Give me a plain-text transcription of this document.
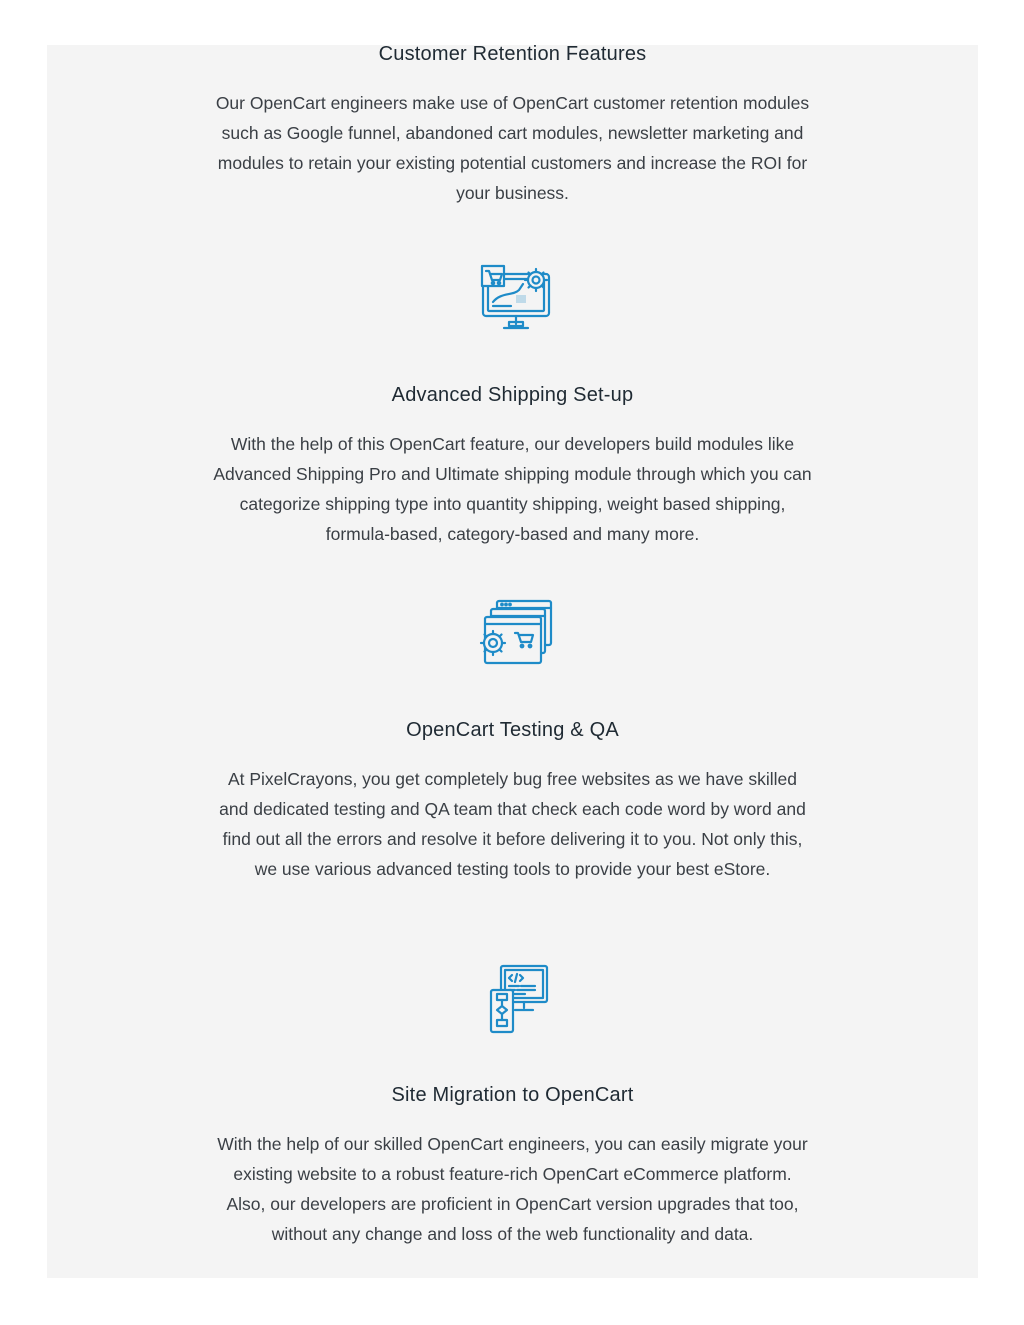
Customer Retention Features

Our OpenCart engineers make use of OpenCart customer retention modules such as Google funnel, abandoned cart modules, newsletter marketing and modules to retain your existing potential customers and increase the ROI for your business.

Advanced Shipping Set-up

With the help of this OpenCart feature, our developers build modules like Advanced Shipping Pro and Ultimate shipping module through which you can categorize shipping type into quantity shipping, weight based shipping, formula-based, category-based and many more.

OpenCart Testing & QA

At PixelCrayons, you get completely bug free websites as we have skilled and dedicated testing and QA team that check each code word by word and find out all the errors and resolve it before delivering it to you. Not only this, we use various advanced testing tools to provide your best eStore.

Site Migration to OpenCart

With the help of our skilled OpenCart engineers, you can easily migrate your existing website to a robust feature-rich OpenCart eCommerce platform. Also, our developers are proficient in OpenCart version upgrades that too, without any change and loss of the web functionality and data.
